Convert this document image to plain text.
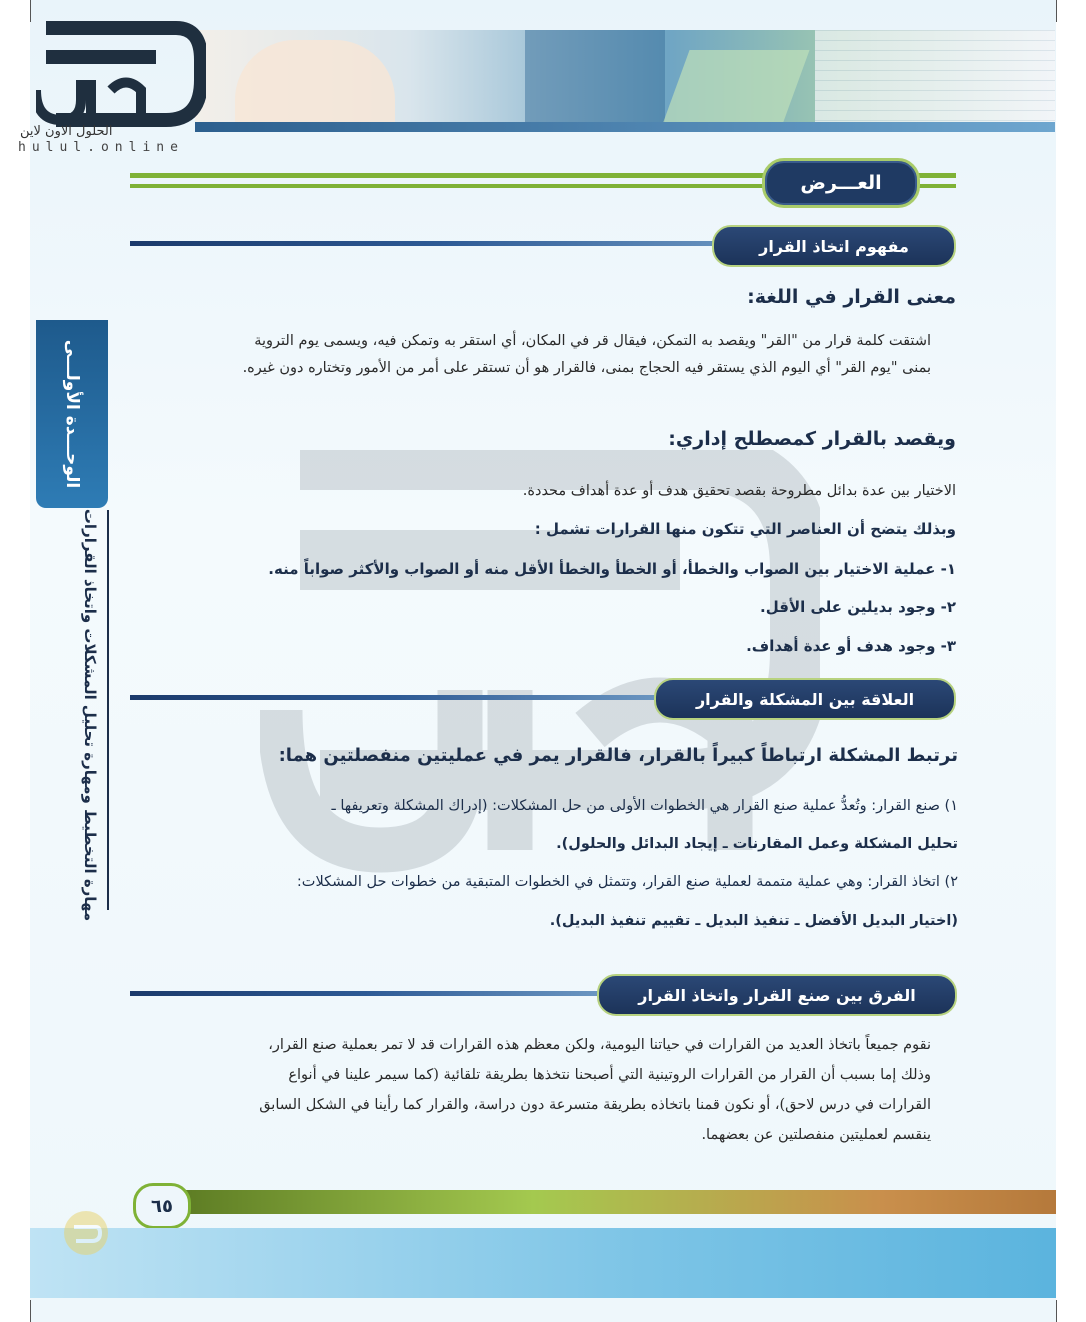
الحلول الاون لاين
hulul.online
الوحـــدة الأولـــى
مهارة التخطيط ومهارة تحليل المشكلات واتخاذ القرارات
العـــرض
مفهوم اتخاذ القرار
معنى القرار في اللغة:
اشتقت كلمة قرار من "القر" ويقصد به التمكن، فيقال قر في المكان، أي استقر به وتمكن فيه، ويسمى يوم التروية
بمنى "يوم القر" أي اليوم الذي يستقر فيه الحجاج بمنى، فالقرار هو أن تستقر على أمر من الأمور وتختاره دون غيره.
ويقصد بالقرار كمصطلح إداري:
الاختيار بين عدة بدائل مطروحة بقصد تحقيق هدف أو عدة أهداف محددة.
وبذلك يتضح أن العناصر التي تتكون منها القرارات تشمل :
١- عملية الاختيار بين الصواب والخطأ، أو الخطأ والخطأ الأقل منه أو الصواب والأكثر صواباً منه.
٢- وجود بديلين على الأقل.
٣- وجود هدف أو عدة أهداف.
العلاقة بين المشكلة والقرار
ترتبط المشكلة ارتباطاً كبيراً بالقرار، فالقرار يمر في عمليتين منفصلتين هما:
١) صنع القرار: وتُعدُّ عملية صنع القرار هي الخطوات الأولى من حل المشكلات: (إدراك المشكلة وتعريفها ـ
تحليل المشكلة وعمل المقارنات ـ إيجاد البدائل والحلول).
٢) اتخاذ القرار: وهي عملية متممة لعملية صنع القرار، وتتمثل في الخطوات المتبقية من خطوات حل المشكلات:
(اختيار البديل الأفضل ـ تنفيذ البديل ـ تقييم تنفيذ البديل).
الفرق بين صنع القرار واتخاذ القرار
نقوم جميعاً باتخاذ العديد من القرارات في حياتنا اليومية، ولكن معظم هذه القرارات قد لا تمر بعملية صنع القرار،
وذلك إما بسبب أن القرار من القرارات الروتينية التي أصبحنا نتخذها بطريقة تلقائية (كما سيمر علينا في أنواع
القرارات في درس لاحق)، أو نكون قمنا باتخاذه بطريقة متسرعة دون دراسة، والقرار كما رأينا في الشكل السابق
ينقسم لعمليتين منفصلتين عن بعضهما.
٦٥
